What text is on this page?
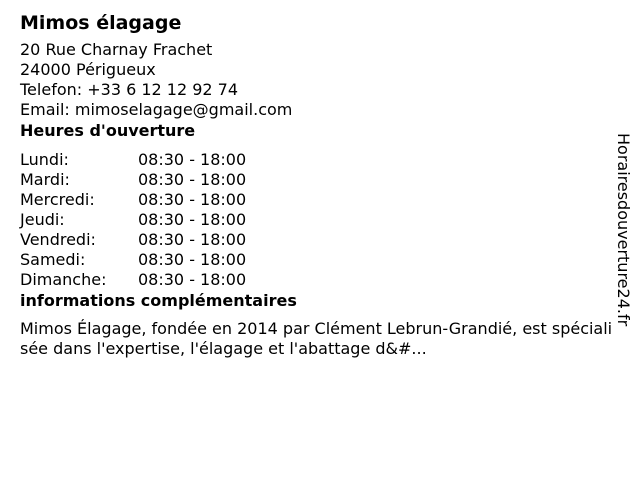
Mimos élagage
20 Rue Charnay Frachet
24000 Périgueux
Telefon: +33 6 12 12 92 74
Email: mimoselagage@gmail.com
Heures d'ouverture
Lundi:	08:30 - 18:00
Mardi:	08:30 - 18:00
Mercredi:	08:30 - 18:00
Jeudi:	08:30 - 18:00
Vendredi:	08:30 - 18:00
Samedi:	08:30 - 18:00
Dimanche:	08:30 - 18:00
informations complémentaires
Mimos Élagage, fondée en 2014 par Clément Lebrun-Grandié, est spécialisée dans l'expertise, l'élagage et l'abattage d&#...
Horairesdouverture24.fr
